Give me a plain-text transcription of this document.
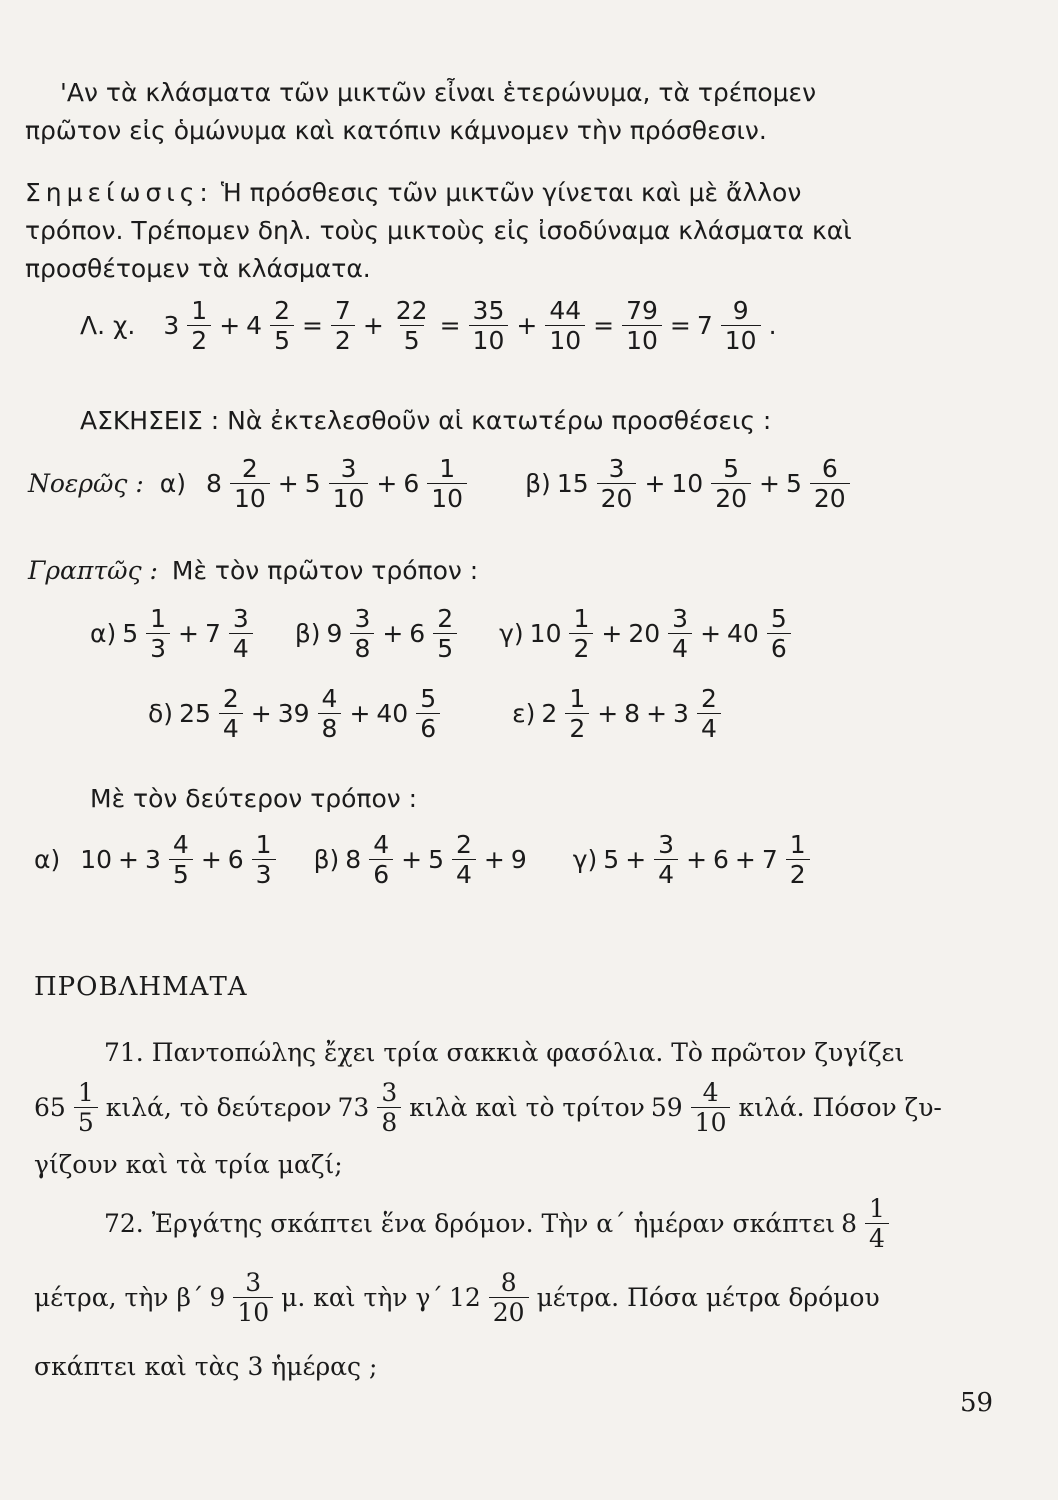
'Αν τὰ κλάσματα τῶν μικτῶν εἶναι ἑτερώνυμα, τὰ τρέπομεν
πρῶτον εἰς ὁμώνυμα καὶ κατόπιν κάμνομεν τὴν πρόσθεσιν.
Σημείωσις: Ἡ πρόσθεσις τῶν μικτῶν γίνεται καὶ μὲ ἄλλον
τρόπον. Τρέπομεν δηλ. τοὺς μικτοὺς εἰς ἰσοδύναμα κλάσματα καὶ
προσθέτομεν τὰ κλάσματα.
Λ. χ. 3 1
2
+ $4 \frac{2}{5} = \frac{7}{2} + \frac{22}{5} = \frac{35}{10} + \frac{44}{10} = \frac{79}{10} = 7$ 9
10
.
ΑΣΚΗΣΕΙΣ : Νὰ ἐκτελεσθοῦν αἱ κατωτέρω προσθέσεις :
Νοερῶς : α) 8 2
10
+ 5 3
10
+ 6 1
10
β) 15 3
20
+ 10 5
20
+ 5 6
20
Γραπτῶς : Μὲ τὸν πρῶτον τρόπον :
α) 5 1
3
+ 7 3
4
β) 9 3
8
+ 6 2
5
γ) 10 1
2
+ 20 3
4
+ 40 5
6
δ) 25 2
4
+ 39 4
8
+ 40 5
6
ε) 2 1
2
+ 8 + 3 2
4
Μὲ τὸν δεύτερον τρόπον :
α) 10 + 3 4
5
+ 6 1
3
β) 8 4
6
+ 5 2
4
+ 9 γ) $5 + \frac{3}{4} + 6 + 7$ 1
2
ΠΡΟΒΛΗΜΑΤΑ
71. Παντοπώλης ἔχει τρία σακκιὰ φασόλια. Τὸ πρῶτον ζυγίζει
65 1
5
κιλά, τὸ δεύτερον 73 3
8
κιλὰ καὶ τὸ τρίτον 59 4
10
κιλά. Πόσον ζυ-
γίζουν καὶ τὰ τρία μαζί;
72. Ἐργάτης σκάπτει ἕνα δρόμον. Τὴν α΄ ἡμέραν σκάπτει 8 1
4
μέτρα, τὴν β΄ 9 3
10
μ. καὶ τὴν γ΄ 12 8
20
μέτρα. Πόσα μέτρα δρόμου
σκάπτει καὶ τὰς 3 ἡμέρας ;
59
